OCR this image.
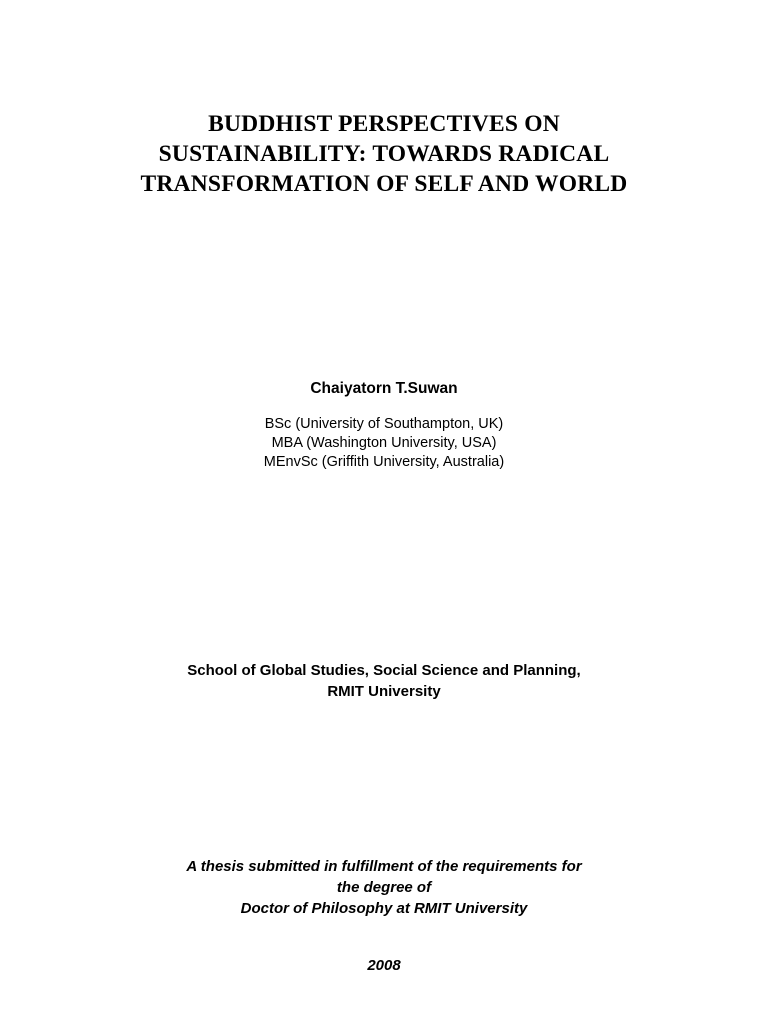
BUDDHIST PERSPECTIVES ON
SUSTAINABILITY: TOWARDS RADICAL
TRANSFORMATION OF SELF AND WORLD
Chaiyatorn T.Suwan
BSc (University of Southampton, UK)
MBA (Washington University, USA)
MEnvSc (Griffith University, Australia)
School of Global Studies, Social Science and Planning,
RMIT University
A thesis submitted in fulfillment of the requirements for
the degree of
Doctor of Philosophy at RMIT University
2008
